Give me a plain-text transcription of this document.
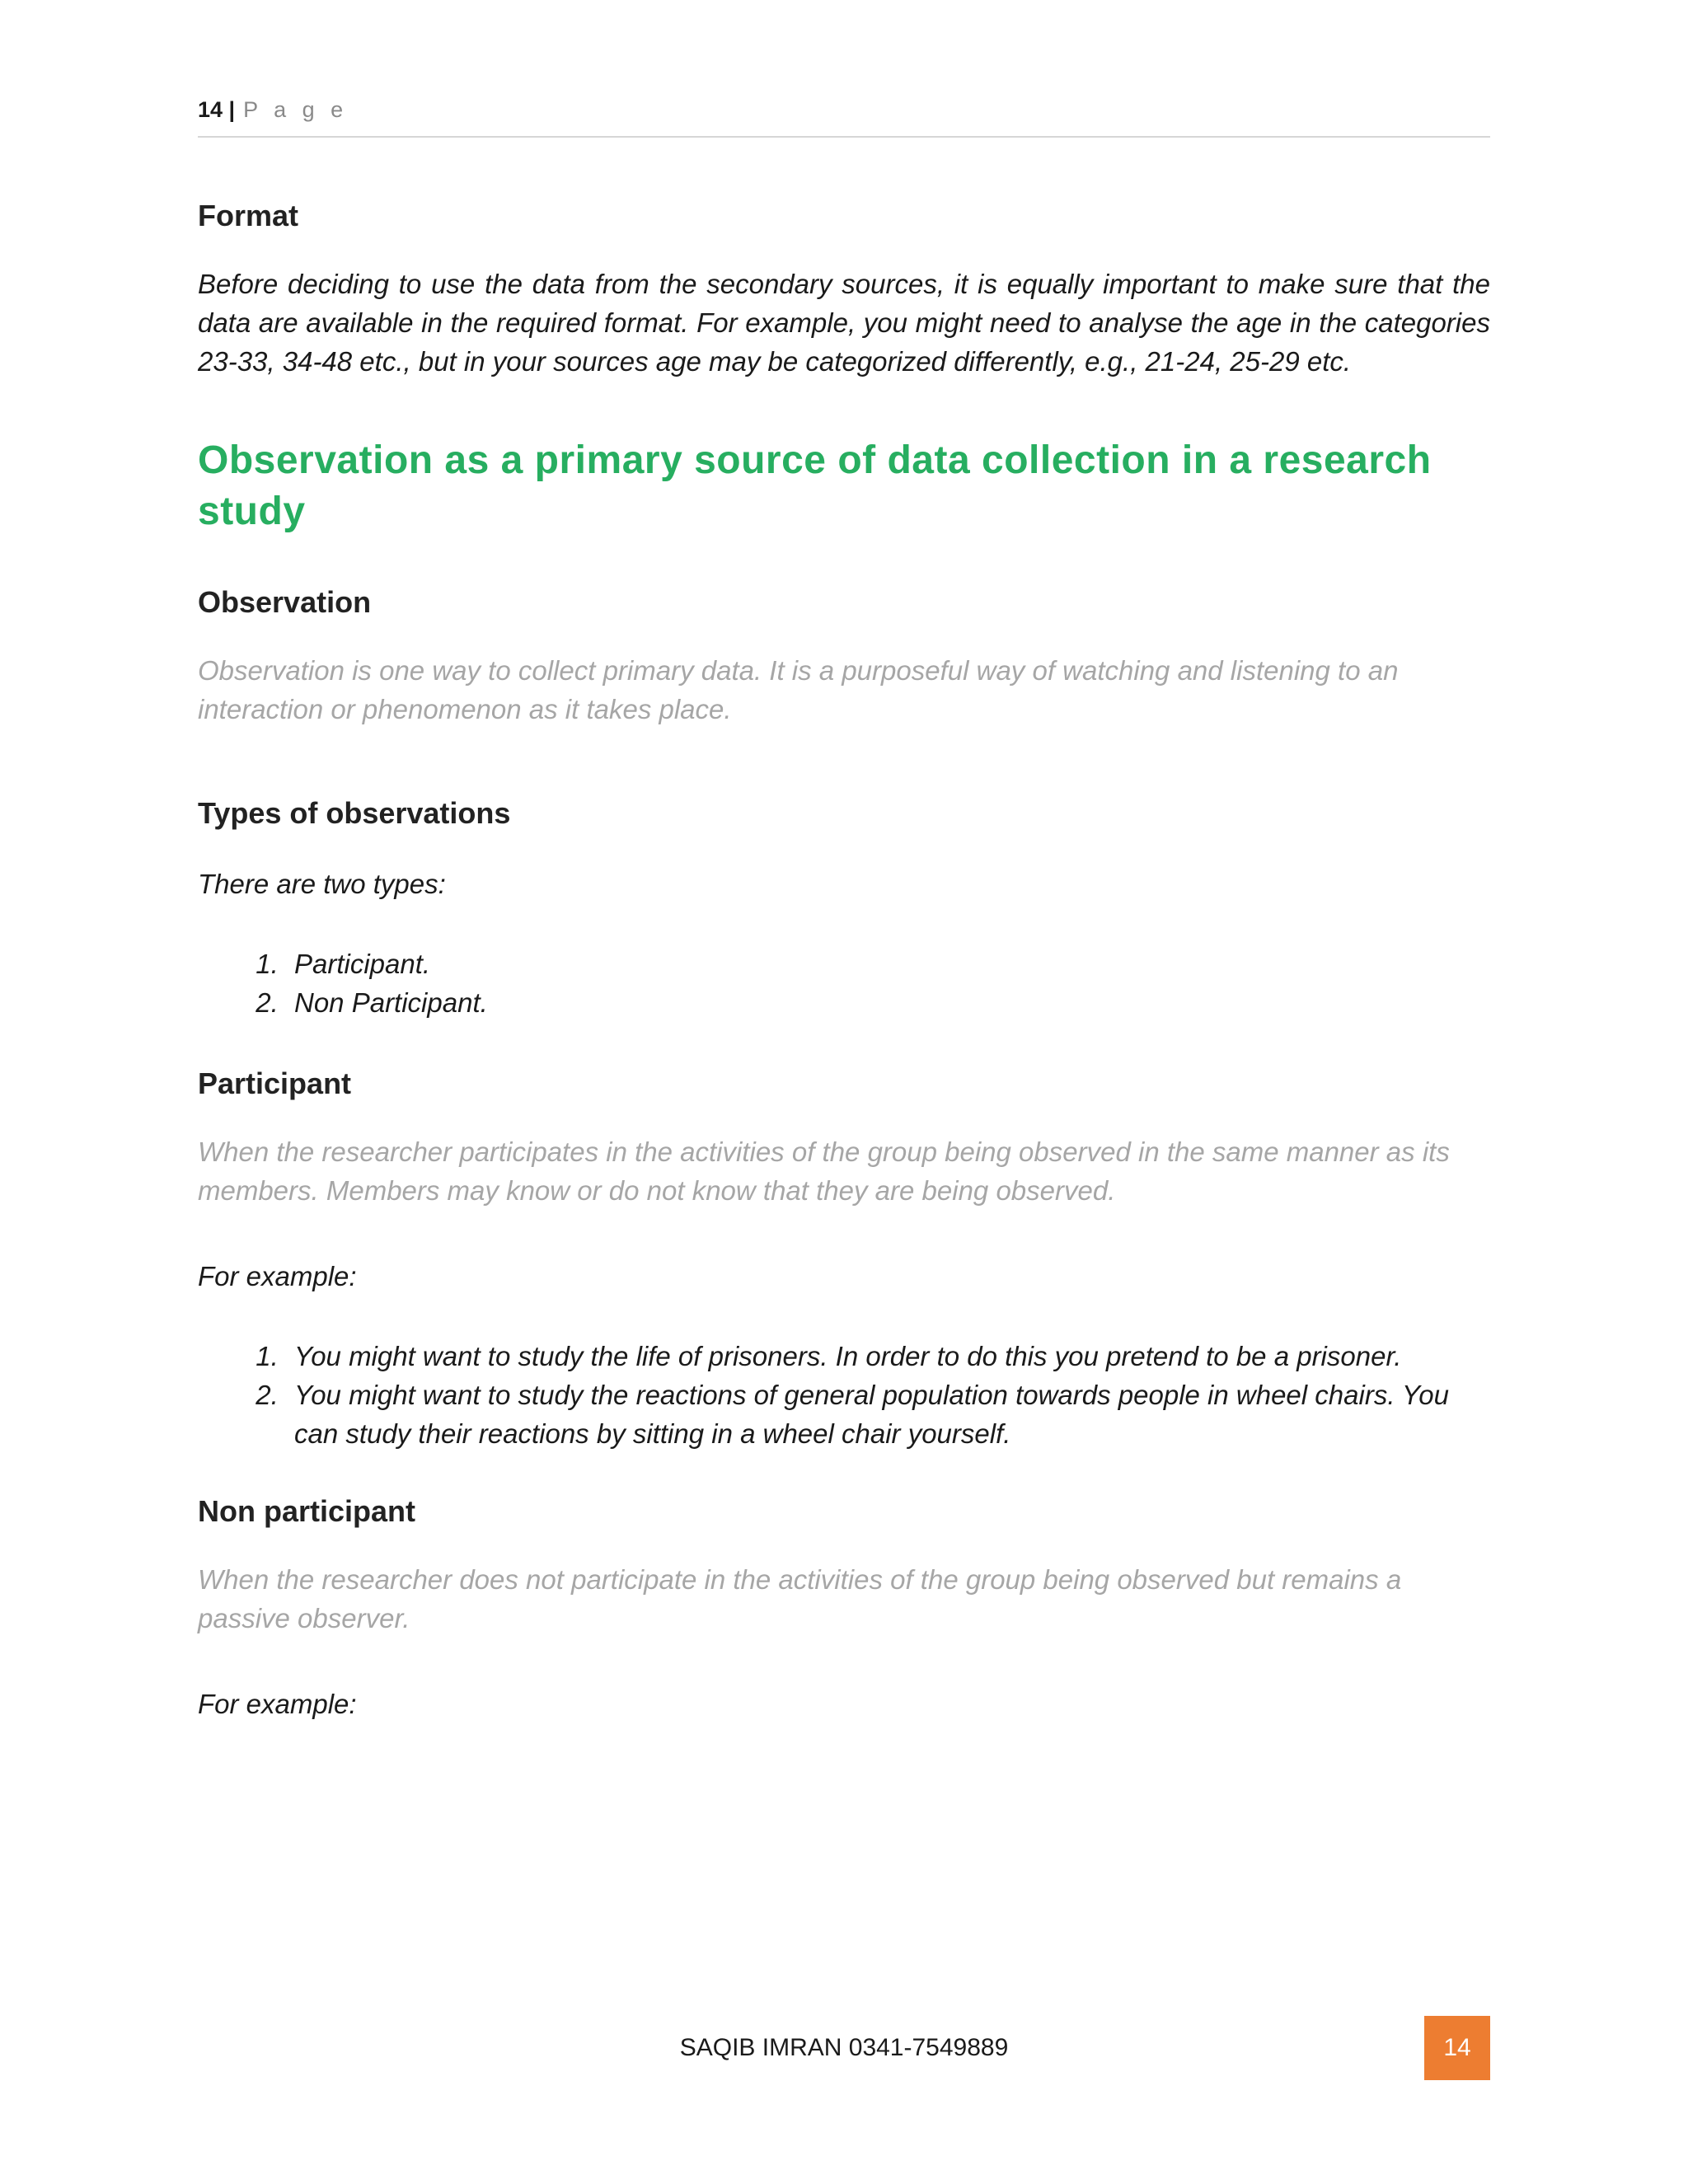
14 | P a g e
Format

Before deciding to use the data from the secondary sources, it is equally important to make sure that the data are available in the required format. For example, you might need to analyse the age in the categories 23-33, 34-48 etc., but in your sources age may be categorized differently, e.g., 21-24, 25-29 etc.

Observation as a primary source of data collection in a research study
Observation

Observation is one way to collect primary data. It is a purposeful way of watching and listening to an interaction or phenomenon as it takes place.

Types of observations

There are two types:

1. Participant.
2. Non Participant.
Participant

When the researcher participates in the activities of the group being observed in the same manner as its members. Members may know or do not know that they are being observed.

For example:

1. You might want to study the life of prisoners. In order to do this you pretend to be a prisoner.
2. You might want to study the reactions of general population towards people in wheel chairs. You can study their reactions by sitting in a wheel chair yourself.
Non participant

When the researcher does not participate in the activities of the group being observed but remains a passive observer.

For example:

SAQIB IMRAN 0341-7549889	14
